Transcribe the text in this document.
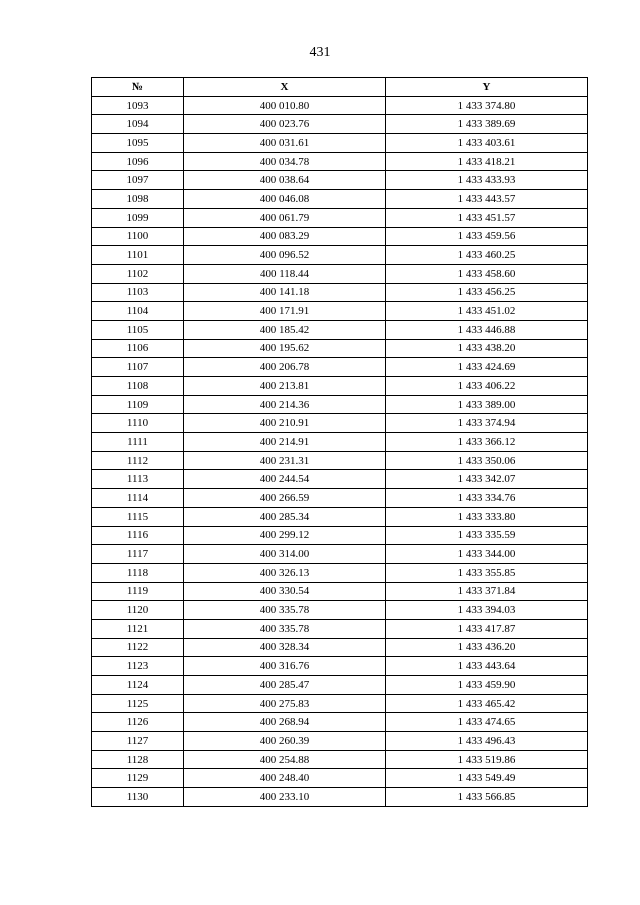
431
№	X	Y
1093	400 010.80	1 433 374.80
1094	400 023.76	1 433 389.69
1095	400 031.61	1 433 403.61
1096	400 034.78	1 433 418.21
1097	400 038.64	1 433 433.93
1098	400 046.08	1 433 443.57
1099	400 061.79	1 433 451.57
1100	400 083.29	1 433 459.56
1101	400 096.52	1 433 460.25
1102	400 118.44	1 433 458.60
1103	400 141.18	1 433 456.25
1104	400 171.91	1 433 451.02
1105	400 185.42	1 433 446.88
1106	400 195.62	1 433 438.20
1107	400 206.78	1 433 424.69
1108	400 213.81	1 433 406.22
1109	400 214.36	1 433 389.00
1110	400 210.91	1 433 374.94
1111	400 214.91	1 433 366.12
1112	400 231.31	1 433 350.06
1113	400 244.54	1 433 342.07
1114	400 266.59	1 433 334.76
1115	400 285.34	1 433 333.80
1116	400 299.12	1 433 335.59
1117	400 314.00	1 433 344.00
1118	400 326.13	1 433 355.85
1119	400 330.54	1 433 371.84
1120	400 335.78	1 433 394.03
1121	400 335.78	1 433 417.87
1122	400 328.34	1 433 436.20
1123	400 316.76	1 433 443.64
1124	400 285.47	1 433 459.90
1125	400 275.83	1 433 465.42
1126	400 268.94	1 433 474.65
1127	400 260.39	1 433 496.43
1128	400 254.88	1 433 519.86
1129	400 248.40	1 433 549.49
1130	400 233.10	1 433 566.85
